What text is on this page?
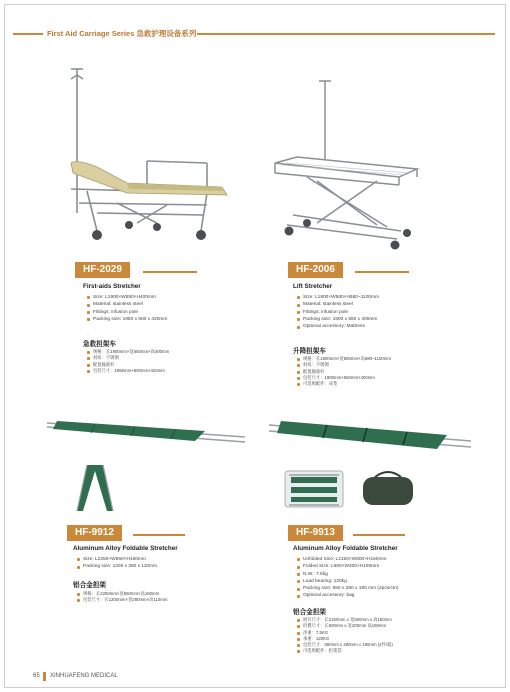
First Aid Carriage Series 急救护理设备系列
HF-2029
First-aids Stretcher
Size: L1900×W550×H400mm
Material: stainless steel
Fittings: infusion pole
Packing size: 1950 x 600 x 420mm
急救担架车
规格：长1900mm×宽550mm×高400mm
材质：不锈钢
配置输液杆
包装尺寸：1950mm×600mm×420mm
HF-2006
Lift Stretcher
Size: L1800×W560×H580~1100mm
Material: stainless steel
Fittings: infusion pole
Packing size: 1900 x 560 x 400mm
Optional accessory: Mattress
升降担架车
规格：长1800mm×宽560mm×高580~1100mm
材质：不锈钢
配置输液杆
包装尺寸：1900mm×560mm×400mm
可选购配件：床垫
HF-9912
Aluminum Alloy Foldable Stretcher
Size: L2250×W550×H160mm
Packing size: 1200 x 280 x 110mm
铝合金担架
规格：长2250mm×宽550mm×高160mm
包装尺寸：长1200mm×宽280mm×高110mm
HF-9913
Aluminum Alloy Foldable Stretcher
Unfolded Size: L2150×W500×H150mm
Folded Size: L600×W200×H190mm
N.W.: 7.5kg
Load bearing: 120kg
Packing size: 650 x 280 x 190 mm (2pcs/ctn)
Optional accessory: bag
铝合金担架
展开尺寸：长2150mm x 宽500mm x 高150mm
折叠尺寸：长600mm x 宽200mm 高190mm
净重：7.5KG
承重：120KG
包装尺寸：650mm x 280mm x 190mm (2件/箱)
可选购配件：担架袋
65 XINHUAFENG MEDICAL
